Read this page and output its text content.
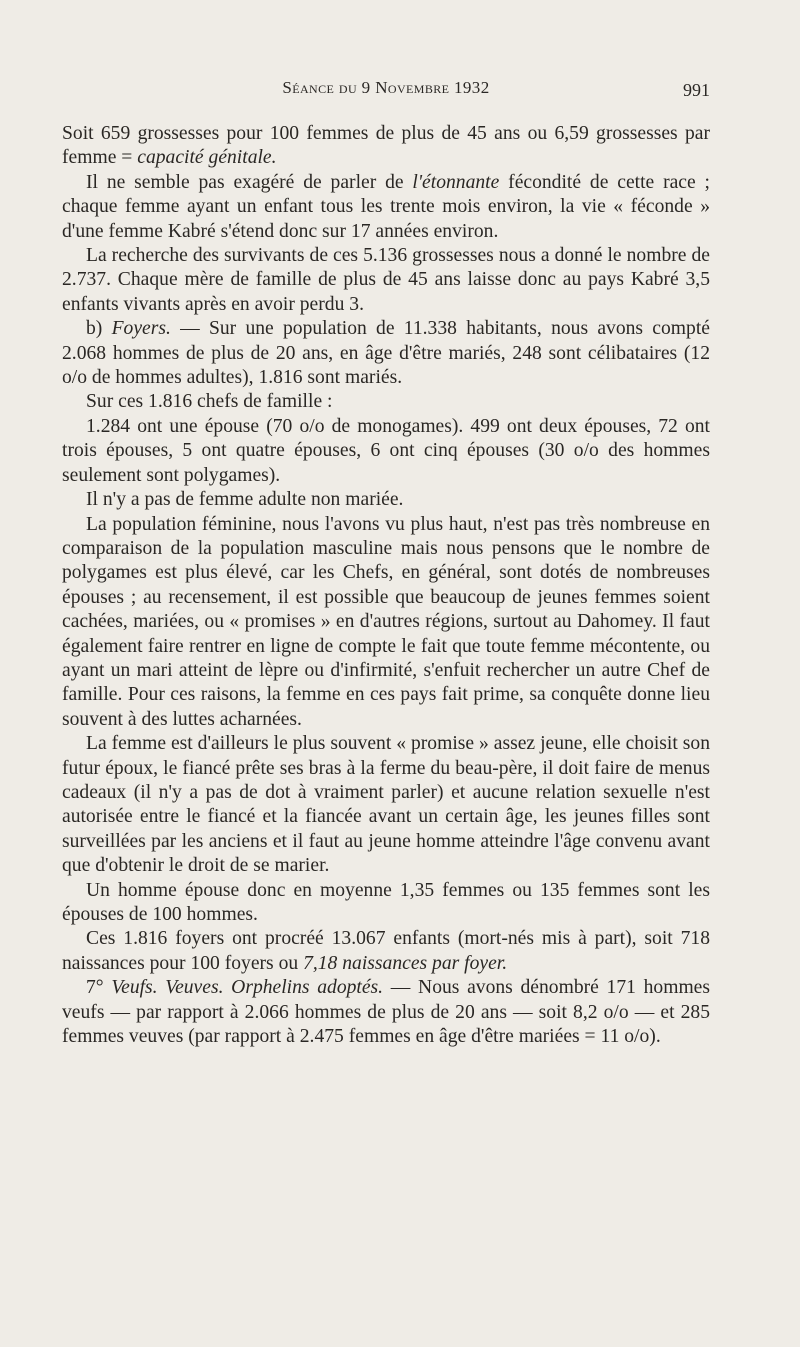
Séance du 9 Novembre 1932	991

Soit 659 grossesses pour 100 femmes de plus de 45 ans ou 6,59 grossesses par femme = capacité génitale.

Il ne semble pas exagéré de parler de l'étonnante fécondité de cette race ; chaque femme ayant un enfant tous les trente mois environ, la vie « féconde » d'une femme Kabré s'étend donc sur 17 années environ.

La recherche des survivants de ces 5.136 grossesses nous a donné le nombre de 2.737. Chaque mère de famille de plus de 45 ans laisse donc au pays Kabré 3,5 enfants vivants après en avoir perdu 3.

b) Foyers. — Sur une population de 11.338 habitants, nous avons compté 2.068 hommes de plus de 20 ans, en âge d'être mariés, 248 sont célibataires (12 o/o de hommes adultes), 1.816 sont mariés.

Sur ces 1.816 chefs de famille :

1.284 ont une épouse (70 o/o de monogames). 499 ont deux épouses, 72 ont trois épouses, 5 ont quatre épouses, 6 ont cinq épouses (30 o/o des hommes seulement sont polygames).

Il n'y a pas de femme adulte non mariée.

La population féminine, nous l'avons vu plus haut, n'est pas très nombreuse en comparaison de la population masculine mais nous pensons que le nombre de polygames est plus élevé, car les Chefs, en général, sont dotés de nombreuses épouses ; au recensement, il est possible que beaucoup de jeunes femmes soient cachées, mariées, ou « promises » en d'autres régions, surtout au Dahomey. Il faut également faire rentrer en ligne de compte le fait que toute femme mécontente, ou ayant un mari atteint de lèpre ou d'infirmité, s'enfuit rechercher un autre Chef de famille. Pour ces raisons, la femme en ces pays fait prime, sa conquête donne lieu souvent à des luttes acharnées.

La femme est d'ailleurs le plus souvent « promise » assez jeune, elle choisit son futur époux, le fiancé prête ses bras à la ferme du beau-père, il doit faire de menus cadeaux (il n'y a pas de dot à vraiment parler) et aucune relation sexuelle n'est autorisée entre le fiancé et la fiancée avant un certain âge, les jeunes filles sont surveillées par les anciens et il faut au jeune homme atteindre l'âge convenu avant que d'obtenir le droit de se marier.

Un homme épouse donc en moyenne 1,35 femmes ou 135 femmes sont les épouses de 100 hommes.

Ces 1.816 foyers ont procréé 13.067 enfants (mort-nés mis à part), soit 718 naissances pour 100 foyers ou 7,18 naissances par foyer.

7° Veufs. Veuves. Orphelins adoptés. — Nous avons dénombré 171 hommes veufs — par rapport à 2.066 hommes de plus de 20 ans — soit 8,2 o/o — et 285 femmes veuves (par rapport à 2.475 femmes en âge d'être mariées = 11 o/o).
